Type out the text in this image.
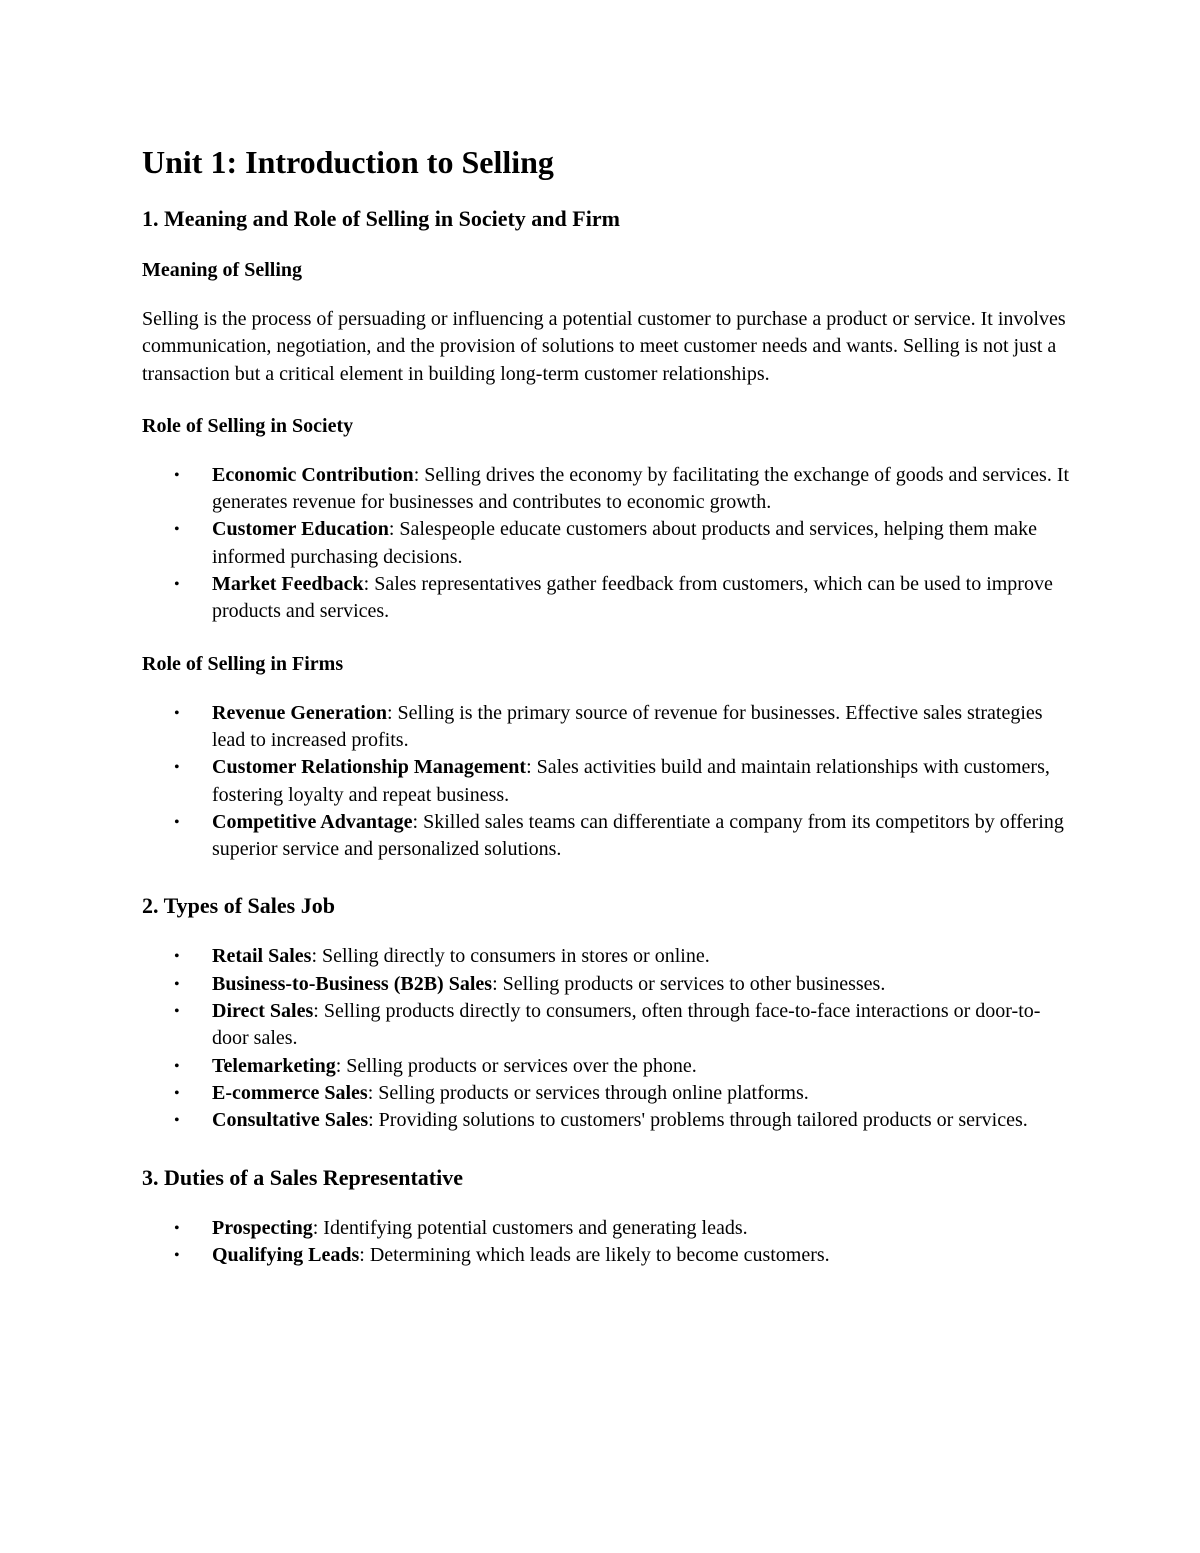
Unit 1: Introduction to Selling
1. Meaning and Role of Selling in Society and Firm
Meaning of Selling

Selling is the process of persuading or influencing a potential customer to purchase a product or service. It involves communication, negotiation, and the provision of solutions to meet customer needs and wants. Selling is not just a transaction but a critical element in building long-term customer relationships.

Role of Selling in Society
• Economic Contribution: Selling drives the economy by facilitating the exchange of goods and services. It generates revenue for businesses and contributes to economic growth.
• Customer Education: Salespeople educate customers about products and services, helping them make informed purchasing decisions.
• Market Feedback: Sales representatives gather feedback from customers, which can be used to improve products and services.
Role of Selling in Firms
• Revenue Generation: Selling is the primary source of revenue for businesses. Effective sales strategies lead to increased profits.
• Customer Relationship Management: Sales activities build and maintain relationships with customers, fostering loyalty and repeat business.
• Competitive Advantage: Skilled sales teams can differentiate a company from its competitors by offering superior service and personalized solutions.
2. Types of Sales Job
• Retail Sales: Selling directly to consumers in stores or online.
• Business-to-Business (B2B) Sales: Selling products or services to other businesses.
• Direct Sales: Selling products directly to consumers, often through face-to-face interactions or door-to-door sales.
• Telemarketing: Selling products or services over the phone.
• E-commerce Sales: Selling products or services through online platforms.
• Consultative Sales: Providing solutions to customers' problems through tailored products or services.
3. Duties of a Sales Representative
• Prospecting: Identifying potential customers and generating leads.
• Qualifying Leads: Determining which leads are likely to become customers.
